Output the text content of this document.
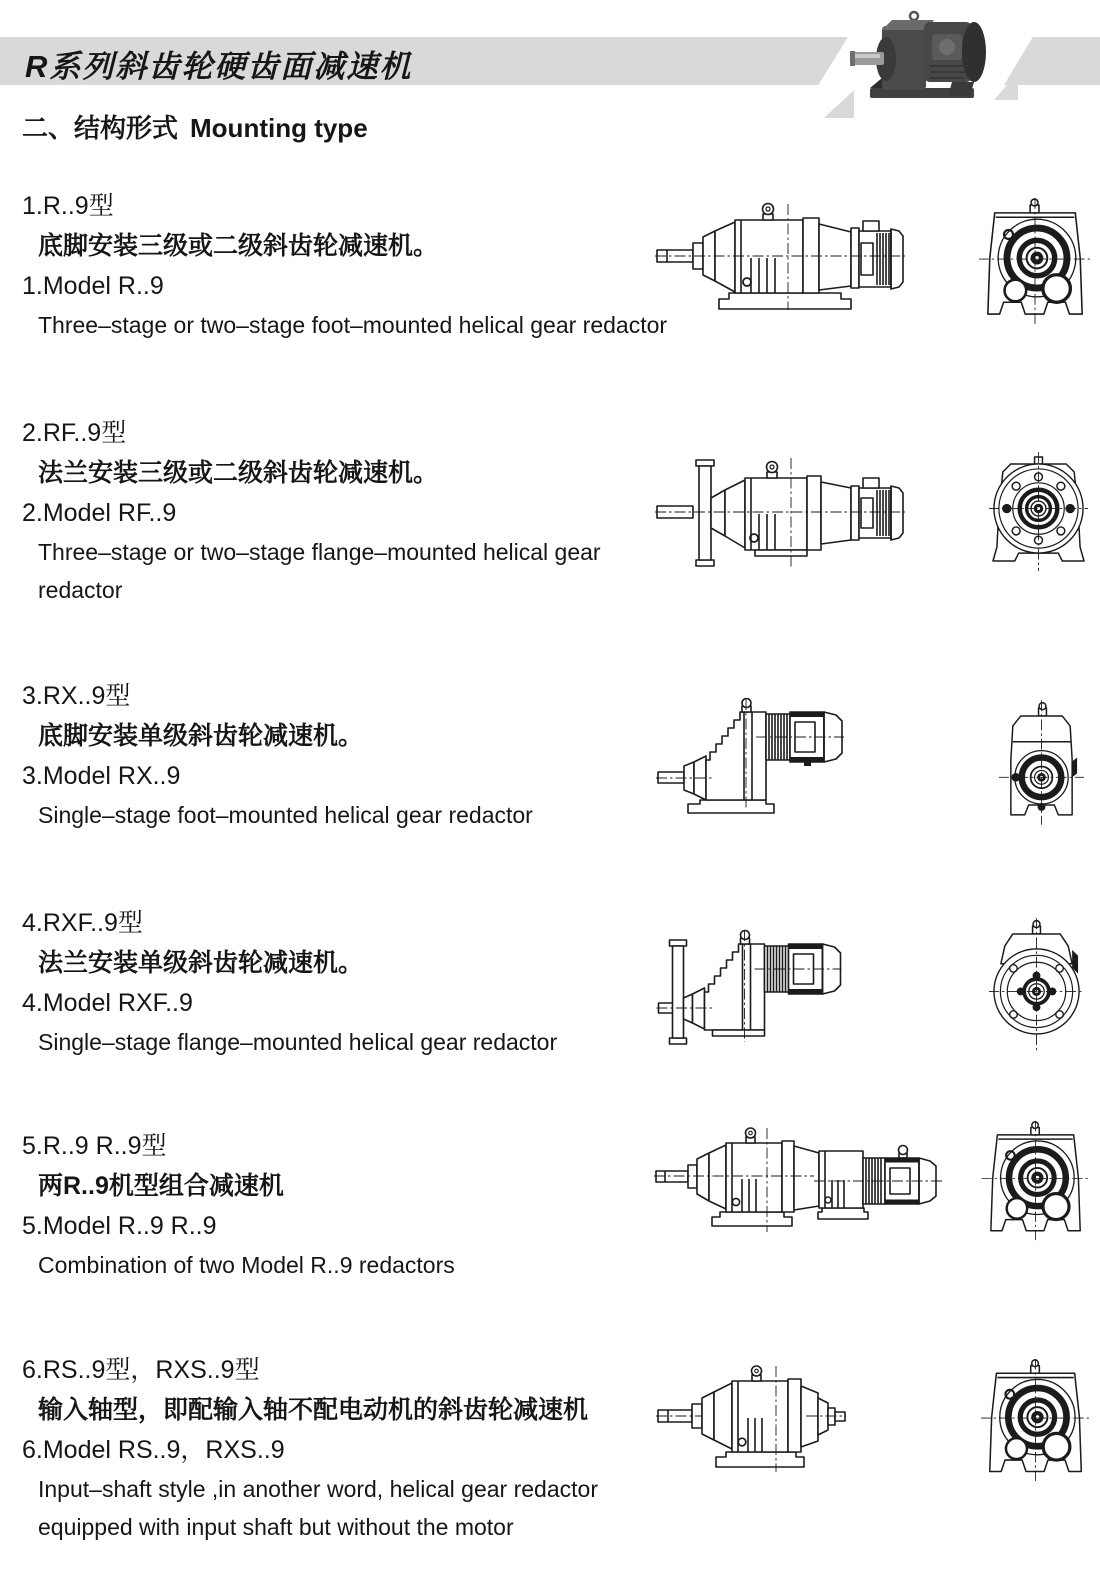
R系列斜齿轮硬齿面减速机
二、结构形式 Mounting type
1.R..9型
底脚安装三级或二级斜齿轮减速机。
1.Model R..9
Three–stage or two–stage foot–mounted helical gear redactor
2.RF..9型
法兰安装三级或二级斜齿轮减速机。
2.Model RF..9
Three–stage or two–stage flange–mounted helical gear
redactor
3.RX..9型
底脚安装单级斜齿轮减速机。
3.Model RX..9
Single–stage foot–mounted helical gear redactor
4.RXF..9型
法兰安装单级斜齿轮减速机。
4.Model RXF..9
Single–stage flange–mounted helical gear redactor
5.R..9 R..9型
两R..9机型组合减速机
5.Model R..9 R..9
Combination of two Model R..9 redactors
6.RS..9型，RXS..9型
输入轴型，即配输入轴不配电动机的斜齿轮减速机
6.Model RS..9，RXS..9
Input–shaft style ,in another word, helical gear redactor
equipped with input shaft but without the motor
